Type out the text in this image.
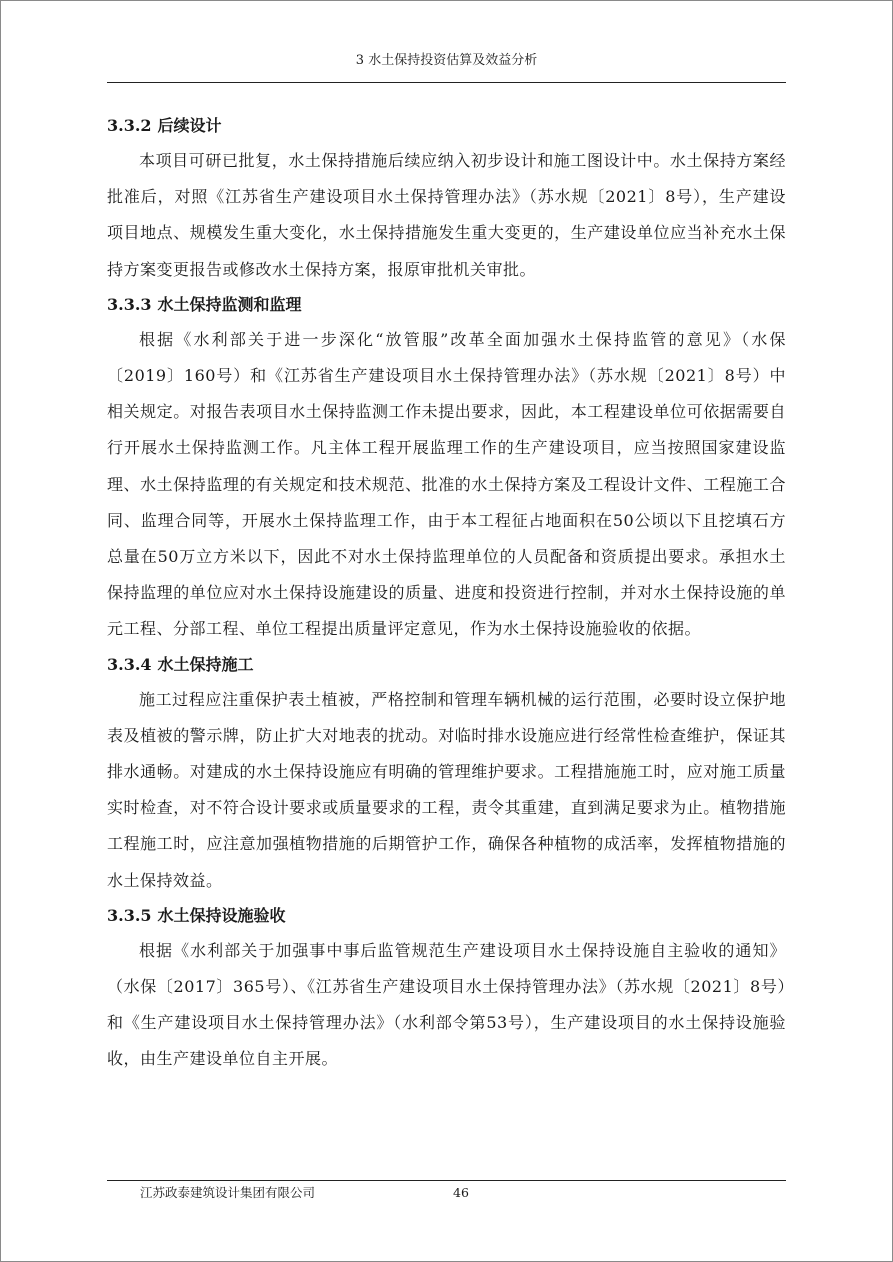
3 水土保持投资估算及效益分析
3.3.2 后续设计

本项目可研已批复，水土保持措施后续应纳入初步设计和施工图设计中。水土保持方案经批准后，对照《江苏省生产建设项目水土保持管理办法》（苏水规〔2021〕8号），生产建设项目地点、规模发生重大变化，水土保持措施发生重大变更的，生产建设单位应当补充水土保持方案变更报告或修改水土保持方案，报原审批机关审批。

3.3.3 水土保持监测和监理

根据《水利部关于进一步深化“放管服”改革全面加强水土保持监管的意见》（水保〔2019〕160号）和《江苏省生产建设项目水土保持管理办法》（苏水规〔2021〕8号）中相关规定。对报告表项目水土保持监测工作未提出要求，因此，本工程建设单位可依据需要自行开展水土保持监测工作。凡主体工程开展监理工作的生产建设项目，应当按照国家建设监理、水土保持监理的有关规定和技术规范、批准的水土保持方案及工程设计文件、工程施工合同、监理合同等，开展水土保持监理工作，由于本工程征占地面积在50公顷以下且挖填石方总量在50万立方米以下，因此不对水土保持监理单位的人员配备和资质提出要求。承担水土保持监理的单位应对水土保持设施建设的质量、进度和投资进行控制，并对水土保持设施的单元工程、分部工程、单位工程提出质量评定意见，作为水土保持设施验收的依据。

3.3.4 水土保持施工

施工过程应注重保护表土植被，严格控制和管理车辆机械的运行范围，必要时设立保护地表及植被的警示牌，防止扩大对地表的扰动。对临时排水设施应进行经常性检查维护，保证其排水通畅。对建成的水土保持设施应有明确的管理维护要求。工程措施施工时，应对施工质量实时检查，对不符合设计要求或质量要求的工程，责令其重建，直到满足要求为止。植物措施工程施工时，应注意加强植物措施的后期管护工作，确保各种植物的成活率，发挥植物措施的水土保持效益。

3.3.5 水土保持设施验收

根据《水利部关于加强事中事后监管规范生产建设项目水土保持设施自主验收的通知》（水保〔2017〕365号）、《江苏省生产建设项目水土保持管理办法》（苏水规〔2021〕8号）和《生产建设项目水土保持管理办法》（水利部令第53号），生产建设项目的水土保持设施验收，由生产建设单位自主开展。

江苏政泰建筑设计集团有限公司	46
